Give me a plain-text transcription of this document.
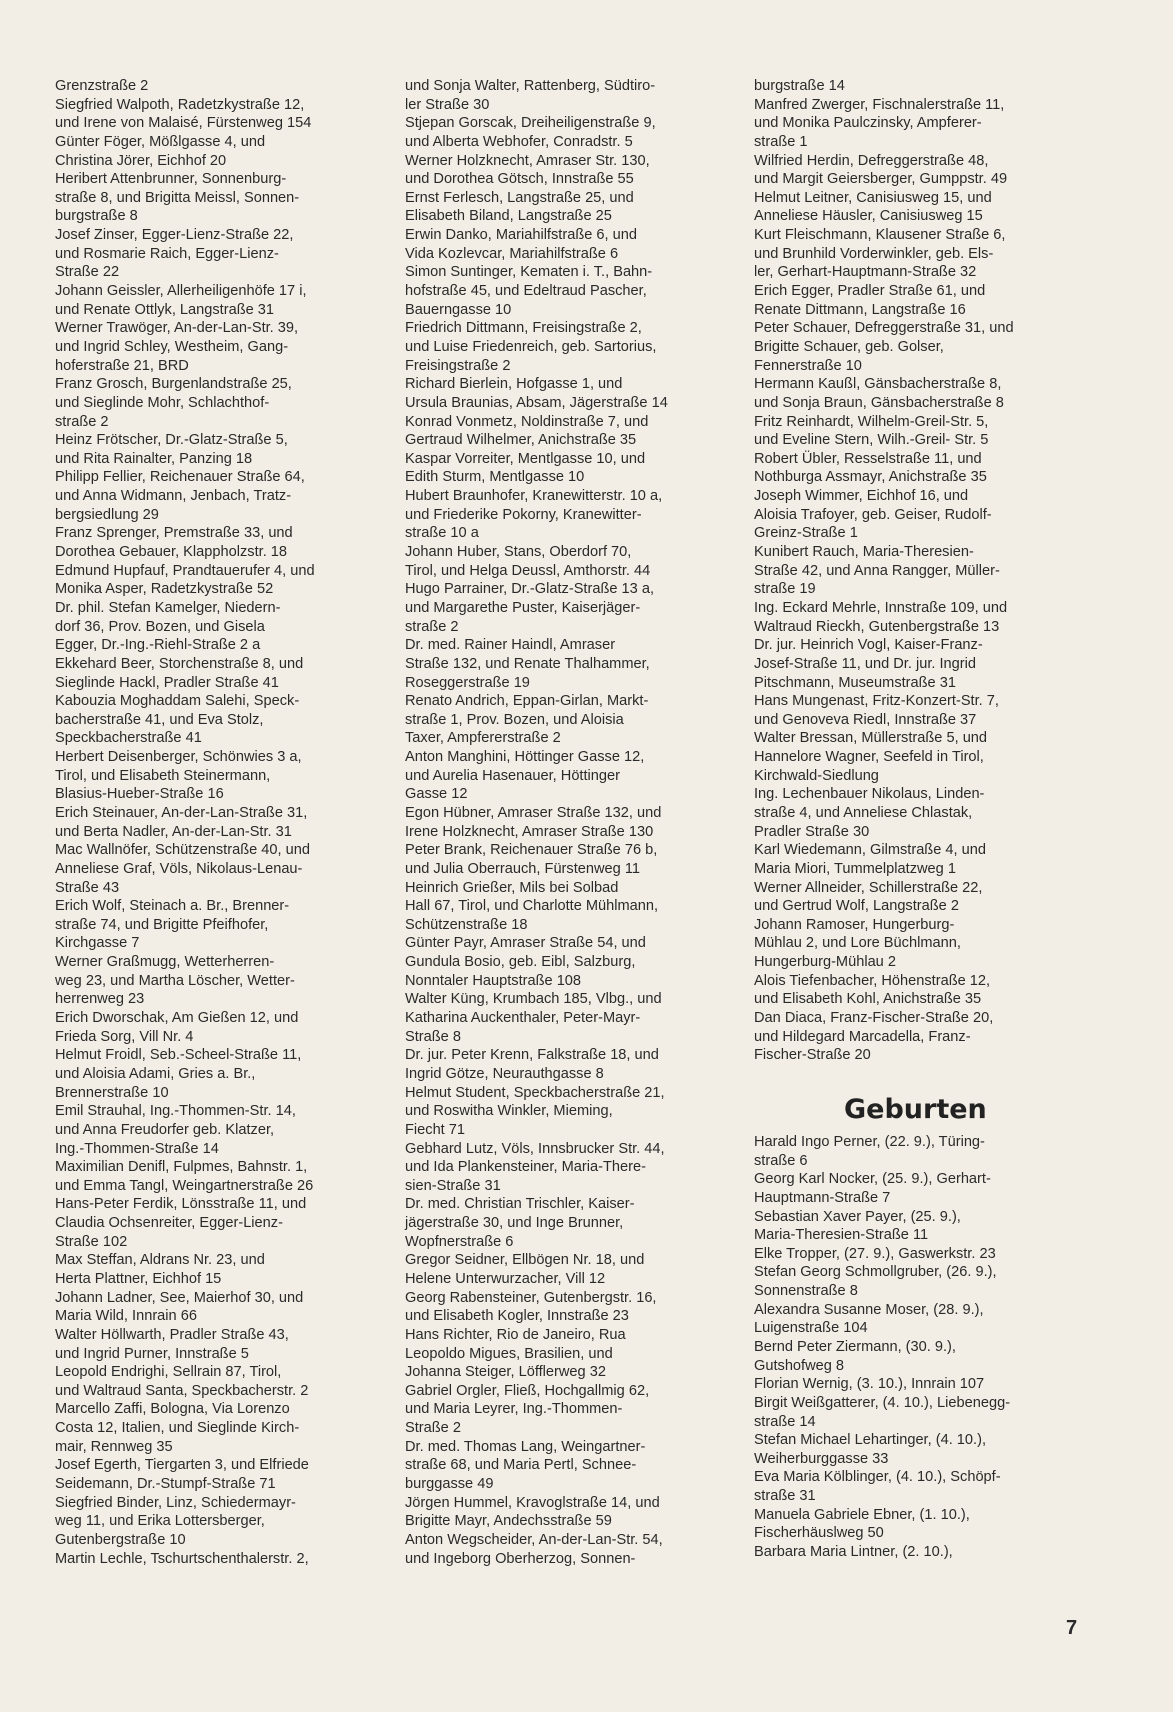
Grenzstraße 2
Siegfried Walpoth, Radetzkystraße 12,
und Irene von Malaisé, Fürstenweg 154
Günter Föger, Mößlgasse 4, und
Christina Jörer, Eichhof 20
Heribert Attenbrunner, Sonnenburg-
straße 8, und Brigitta Meissl, Sonnen-
burgstraße 8
Josef Zinser, Egger-Lienz-Straße 22,
und Rosmarie Raich, Egger-Lienz-
Straße 22
Johann Geissler, Allerheiligenhöfe 17 i,
und Renate Ottlyk, Langstraße 31
Werner Trawöger, An-der-Lan-Str. 39,
und Ingrid Schley, Westheim, Gang-
hoferstraße 21, BRD
Franz Grosch, Burgenlandstraße 25,
und Sieglinde Mohr, Schlachthof-
straße 2
Heinz Frötscher, Dr.-Glatz-Straße 5,
und Rita Rainalter, Panzing 18
Philipp Fellier, Reichenauer Straße 64,
und Anna Widmann, Jenbach, Tratz-
bergsiedlung 29
Franz Sprenger, Premstraße 33, und
Dorothea Gebauer, Klappholzstr. 18
Edmund Hupfauf, Prandtauerufer 4, und
Monika Asper, Radetzkystraße 52
Dr. phil. Stefan Kamelger, Niedern-
dorf 36, Prov. Bozen, und Gisela
Egger, Dr.-Ing.-Riehl-Straße 2 a
Ekkehard Beer, Storchenstraße 8, und
Sieglinde Hackl, Pradler Straße 41
Kabouzia Moghaddam Salehi, Speck-
bacherstraße 41, und Eva Stolz,
Speckbacherstraße 41
Herbert Deisenberger, Schönwies 3 a,
Tirol, und Elisabeth Steinermann,
Blasius-Hueber-Straße 16
Erich Steinauer, An-der-Lan-Straße 31,
und Berta Nadler, An-der-Lan-Str. 31
Mac Wallnöfer, Schützenstraße 40, und
Anneliese Graf, Völs, Nikolaus-Lenau-
Straße 43
Erich Wolf, Steinach a. Br., Brenner-
straße 74, und Brigitte Pfeifhofer,
Kirchgasse 7
Werner Graßmugg, Wetterherren-
weg 23, und Martha Löscher, Wetter-
herrenweg 23
Erich Dworschak, Am Gießen 12, und
Frieda Sorg, Vill Nr. 4
Helmut Froidl, Seb.-Scheel-Straße 11,
und Aloisia Adami, Gries a. Br.,
Brennerstraße 10
Emil Strauhal, Ing.-Thommen-Str. 14,
und Anna Freudorfer geb. Klatzer,
Ing.-Thommen-Straße 14
Maximilian Denifl, Fulpmes, Bahnstr. 1,
und Emma Tangl, Weingartnerstraße 26
Hans-Peter Ferdik, Lönsstraße 11, und
Claudia Ochsenreiter, Egger-Lienz-
Straße 102
Max Steffan, Aldrans Nr. 23, und
Herta Plattner, Eichhof 15
Johann Ladner, See, Maierhof 30, und
Maria Wild, Innrain 66
Walter Höllwarth, Pradler Straße 43,
und Ingrid Purner, Innstraße 5
Leopold Endrighi, Sellrain 87, Tirol,
und Waltraud Santa, Speckbacherstr. 2
Marcello Zaffi, Bologna, Via Lorenzo
Costa 12, Italien, und Sieglinde Kirch-
mair, Rennweg 35
Josef Egerth, Tiergarten 3, und Elfriede
Seidemann, Dr.-Stumpf-Straße 71
Siegfried Binder, Linz, Schiedermayr-
weg 11, und Erika Lottersberger,
Gutenbergstraße 10
Martin Lechle, Tschurtschenthalerstr. 2,
und Sonja Walter, Rattenberg, Südtiro-
ler Straße 30
Stjepan Gorscak, Dreiheiligenstraße 9,
und Alberta Webhofer, Conradstr. 5
Werner Holzknecht, Amraser Str. 130,
und Dorothea Götsch, Innstraße 55
Ernst Ferlesch, Langstraße 25, und
Elisabeth Biland, Langstraße 25
Erwin Danko, Mariahilfstraße 6, und
Vida Kozlevcar, Mariahilfstraße 6
Simon Suntinger, Kematen i. T., Bahn-
hofstraße 45, und Edeltraud Pascher,
Bauerngasse 10
Friedrich Dittmann, Freisingstraße 2,
und Luise Friedenreich, geb. Sartorius,
Freisingstraße 2
Richard Bierlein, Hofgasse 1, und
Ursula Braunias, Absam, Jägerstraße 14
Konrad Vonmetz, Noldinstraße 7, und
Gertraud Wilhelmer, Anichstraße 35
Kaspar Vorreiter, Mentlgasse 10, und
Edith Sturm, Mentlgasse 10
Hubert Braunhofer, Kranewitterstr. 10 a,
und Friederike Pokorny, Kranewitter-
straße 10 a
Johann Huber, Stans, Oberdorf 70,
Tirol, und Helga Deussl, Amthorstr. 44
Hugo Parrainer, Dr.-Glatz-Straße 13 a,
und Margarethe Puster, Kaiserjäger-
straße 2
Dr. med. Rainer Haindl, Amraser
Straße 132, und Renate Thalhammer,
Roseggerstraße 19
Renato Andrich, Eppan-Girlan, Markt-
straße 1, Prov. Bozen, und Aloisia
Taxer, Ampfererstraße 2
Anton Manghini, Höttinger Gasse 12,
und Aurelia Hasenauer, Höttinger
Gasse 12
Egon Hübner, Amraser Straße 132, und
Irene Holzknecht, Amraser Straße 130
Peter Brank, Reichenauer Straße 76 b,
und Julia Oberrauch, Fürstenweg 11
Heinrich Grießer, Mils bei Solbad
Hall 67, Tirol, und Charlotte Mühlmann,
Schützenstraße 18
Günter Payr, Amraser Straße 54, und
Gundula Bosio, geb. Eibl, Salzburg,
Nonntaler Hauptstraße 108
Walter Küng, Krumbach 185, Vlbg., und
Katharina Auckenthaler, Peter-Mayr-
Straße 8
Dr. jur. Peter Krenn, Falkstraße 18, und
Ingrid Götze, Neurauthgasse 8
Helmut Student, Speckbacherstraße 21,
und Roswitha Winkler, Mieming,
Fiecht 71
Gebhard Lutz, Völs, Innsbrucker Str. 44,
und Ida Plankensteiner, Maria-There-
sien-Straße 31
Dr. med. Christian Trischler, Kaiser-
jägerstraße 30, und Inge Brunner,
Wopfnerstraße 6
Gregor Seidner, Ellbögen Nr. 18, und
Helene Unterwurzacher, Vill 12
Georg Rabensteiner, Gutenbergstr. 16,
und Elisabeth Kogler, Innstraße 23
Hans Richter, Rio de Janeiro, Rua
Leopoldo Migues, Brasilien, und
Johanna Steiger, Löfflerweg 32
Gabriel Orgler, Fließ, Hochgallmig 62,
und Maria Leyrer, Ing.-Thommen-
Straße 2
Dr. med. Thomas Lang, Weingartner-
straße 68, und Maria Pertl, Schnee-
burggasse 49
Jörgen Hummel, Kravoglstraße 14, und
Brigitte Mayr, Andechsstraße 59
Anton Wegscheider, An-der-Lan-Str. 54,
und Ingeborg Oberherzog, Sonnen-
burgstraße 14
Manfred Zwerger, Fischnalerstraße 11,
und Monika Paulczinsky, Ampferer-
straße 1
Wilfried Herdin, Defreggerstraße 48,
und Margit Geiersberger, Gumppstr. 49
Helmut Leitner, Canisiusweg 15, und
Anneliese Häusler, Canisiusweg 15
Kurt Fleischmann, Klausener Straße 6,
und Brunhild Vorderwinkler, geb. Els-
ler, Gerhart-Hauptmann-Straße 32
Erich Egger, Pradler Straße 61, und
Renate Dittmann, Langstraße 16
Peter Schauer, Defreggerstraße 31, und
Brigitte Schauer, geb. Golser,
Fennerstraße 10
Hermann Kaußl, Gänsbacherstraße 8,
und Sonja Braun, Gänsbacherstraße 8
Fritz Reinhardt, Wilhelm-Greil-Str. 5,
und Eveline Stern, Wilh.-Greil- Str. 5
Robert Übler, Resselstraße 11, und
Nothburga Assmayr, Anichstraße 35
Joseph Wimmer, Eichhof 16, und
Aloisia Trafoyer, geb. Geiser, Rudolf-
Greinz-Straße 1
Kunibert Rauch, Maria-Theresien-
Straße 42, und Anna Rangger, Müller-
straße 19
Ing. Eckard Mehrle, Innstraße 109, und
Waltraud Rieckh, Gutenbergstraße 13
Dr. jur. Heinrich Vogl, Kaiser-Franz-
Josef-Straße 11, und Dr. jur. Ingrid
Pitschmann, Museumstraße 31
Hans Mungenast, Fritz-Konzert-Str. 7,
und Genoveva Riedl, Innstraße 37
Walter Bressan, Müllerstraße 5, und
Hannelore Wagner, Seefeld in Tirol,
Kirchwald-Siedlung
Ing. Lechenbauer Nikolaus, Linden-
straße 4, und Anneliese Chlastak,
Pradler Straße 30
Karl Wiedemann, Gilmstraße 4, und
Maria Miori, Tummelplatzweg 1
Werner Allneider, Schillerstraße 22,
und Gertrud Wolf, Langstraße 2
Johann Ramoser, Hungerburg-
Mühlau 2, und Lore Büchlmann,
Hungerburg-Mühlau 2
Alois Tiefenbacher, Höhenstraße 12,
und Elisabeth Kohl, Anichstraße 35
Dan Diaca, Franz-Fischer-Straße 20,
und Hildegard Marcadella, Franz-
Fischer-Straße 20
Geburten
Harald Ingo Perner, (22. 9.), Türing-
straße 6
Georg Karl Nocker, (25. 9.), Gerhart-
Hauptmann-Straße 7
Sebastian Xaver Payer, (25. 9.),
Maria-Theresien-Straße 11
Elke Tropper, (27. 9.), Gaswerkstr. 23
Stefan Georg Schmollgruber, (26. 9.),
Sonnenstraße 8
Alexandra Susanne Moser, (28. 9.),
Luigenstraße 104
Bernd Peter Ziermann, (30. 9.),
Gutshofweg 8
Florian Wernig, (3. 10.), Innrain 107
Birgit Weißgatterer, (4. 10.), Liebenegg-
straße 14
Stefan Michael Lehartinger, (4. 10.),
Weiherburggasse 33
Eva Maria Kölblinger, (4. 10.), Schöpf-
straße 31
Manuela Gabriele Ebner, (1. 10.),
Fischerhäuslweg 50
Barbara Maria Lintner, (2. 10.),
7
